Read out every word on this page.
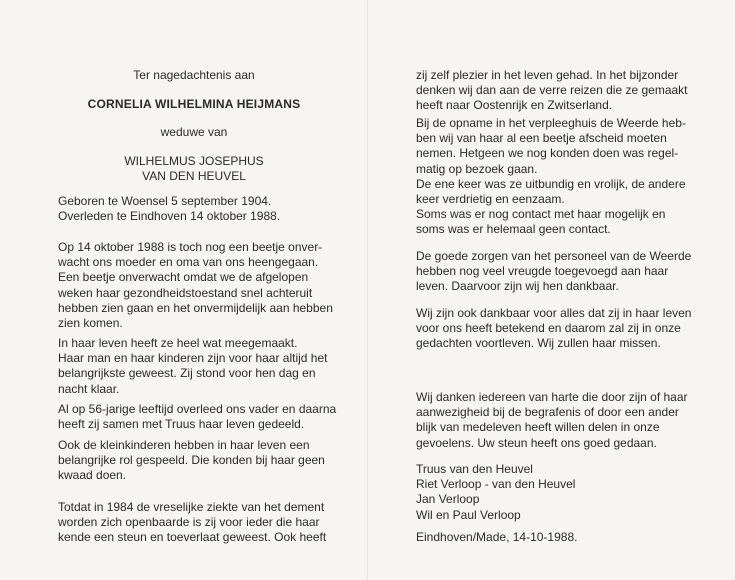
Ter nagedachtenis aan

CORNELIA WILHELMINA HEIJMANS

weduwe van

WILHELMUS JOSEPHUS

VAN DEN HEUVEL

Geboren te Woensel 5 september 1904.

Overleden te Eindhoven 14 oktober 1988.

Op 14 oktober 1988 is toch nog een beetje onver-
wacht ons moeder en oma van ons heengegaan.
Een beetje onverwacht omdat we de afgelopen
weken haar gezondheidstoestand snel achteruit
hebben zien gaan en het onvermijdelijk aan hebben
zien komen.
In haar leven heeft ze heel wat meegemaakt.
Haar man en haar kinderen zijn voor haar altijd het
belangrijkste geweest. Zij stond voor hen dag en
nacht klaar.
Al op 56-jarige leeftijd overleed ons vader en daarna
heeft zij samen met Truus haar leven gedeeld.
Ook de kleinkinderen hebben in haar leven een
belangrijke rol gespeeld. Die konden bij haar geen
kwaad doen.
Totdat in 1984 de vreselijke ziekte van het dement
worden zich openbaarde is zij voor ieder die haar
kende een steun en toeverlaat geweest. Ook heeft
zij zelf plezier in het leven gehad. In het bijzonder
denken wij dan aan de verre reizen die ze gemaakt
heeft naar Oostenrijk en Zwitserland.
Bij de opname in het verpleeghuis de Weerde heb-
ben wij van haar al een beetje afscheid moeten
nemen. Hetgeen we nog konden doen was regel-
matig op bezoek gaan.
De ene keer was ze uitbundig en vrolijk, de andere
keer verdrietig en eenzaam.
Soms was er nog contact met haar mogelijk en
soms was er helemaal geen contact.
De goede zorgen van het personeel van de Weerde
hebben nog veel vreugde toegevoegd aan haar
leven. Daarvoor zijn wij hen dankbaar.
Wij zijn ook dankbaar voor alles dat zij in haar leven
voor ons heeft betekend en daarom zal zij in onze
gedachten voortleven. Wij zullen haar missen.
Wij danken iedereen van harte die door zijn of haar
aanwezigheid bij de begrafenis of door een ander
blijk van medeleven heeft willen delen in onze
gevoelens. Uw steun heeft ons goed gedaan.
Truus van den Heuvel
Riet Verloop - van den Heuvel
Jan Verloop
Wil en Paul Verloop

Eindhoven/Made, 14-10-1988.
